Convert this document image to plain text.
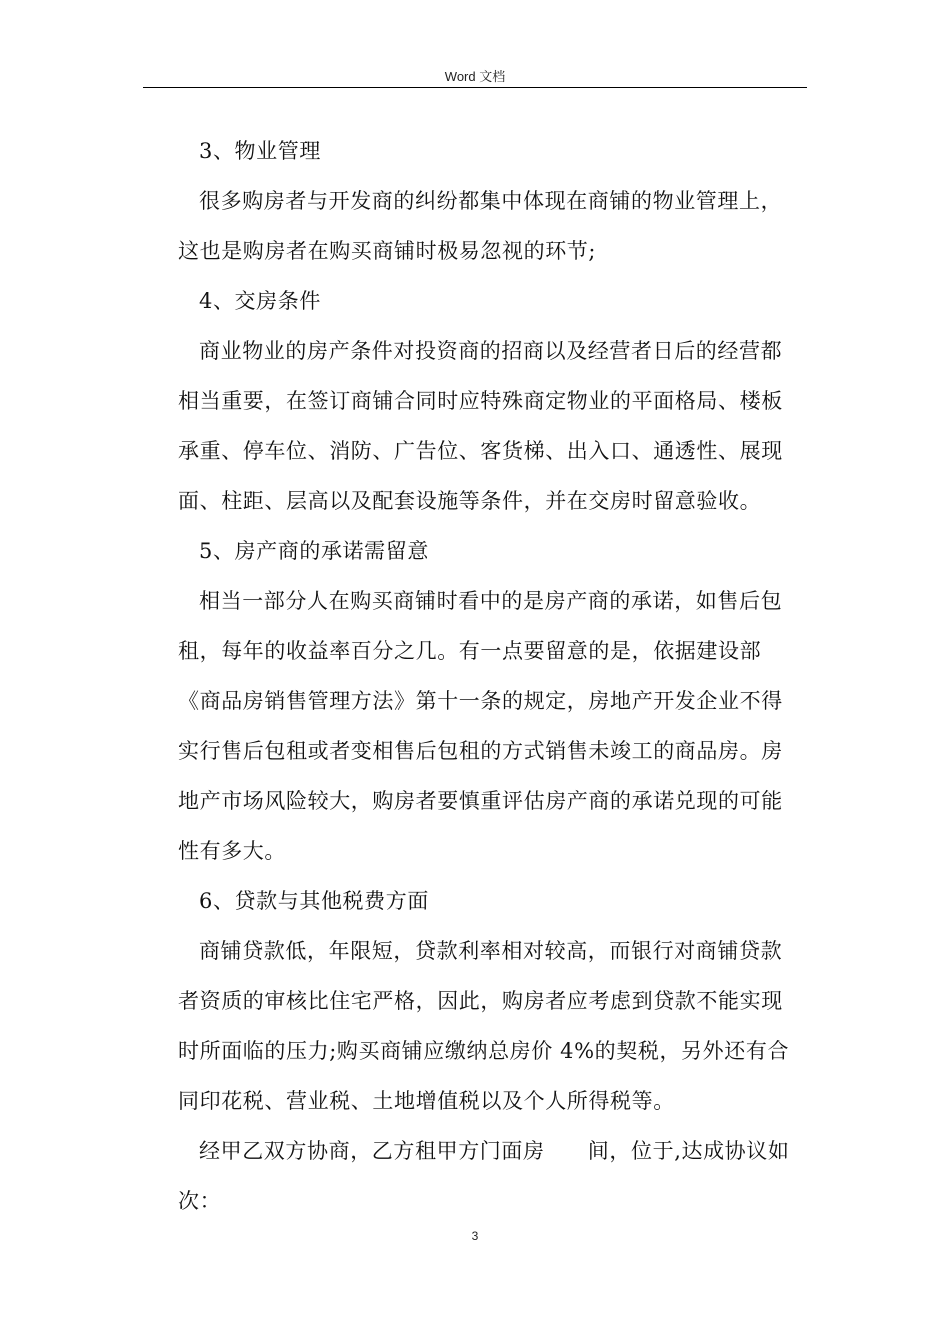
Word 文档
3、物业管理
很多购房者与开发商的纠纷都集中体现在商铺的物业管理上，
这也是购房者在购买商铺时极易忽视的环节;
4、交房条件
商业物业的房产条件对投资商的招商以及经营者日后的经营都
相当重要，在签订商铺合同时应特殊商定物业的平面格局、楼板
承重、停车位、消防、广告位、客货梯、出入口、通透性、展现
面、柱距、层高以及配套设施等条件，并在交房时留意验收。
5、房产商的承诺需留意
相当一部分人在购买商铺时看中的是房产商的承诺，如售后包
租，每年的收益率百分之几。有一点要留意的是，依据建设部
《商品房销售管理方法》第十一条的规定，房地产开发企业不得
实行售后包租或者变相售后包租的方式销售未竣工的商品房。房
地产市场风险较大，购房者要慎重评估房产商的承诺兑现的可能
性有多大。
6、贷款与其他税费方面
商铺贷款低，年限短，贷款利率相对较高，而银行对商铺贷款
者资质的审核比住宅严格，因此，购房者应考虑到贷款不能实现
时所面临的压力;购买商铺应缴纳总房价 4%的契税，另外还有合
同印花税、营业税、土地增值税以及个人所得税等。
经甲乙双方协商，乙方租甲方门面房　　间，位于,达成协议如
次：
3
